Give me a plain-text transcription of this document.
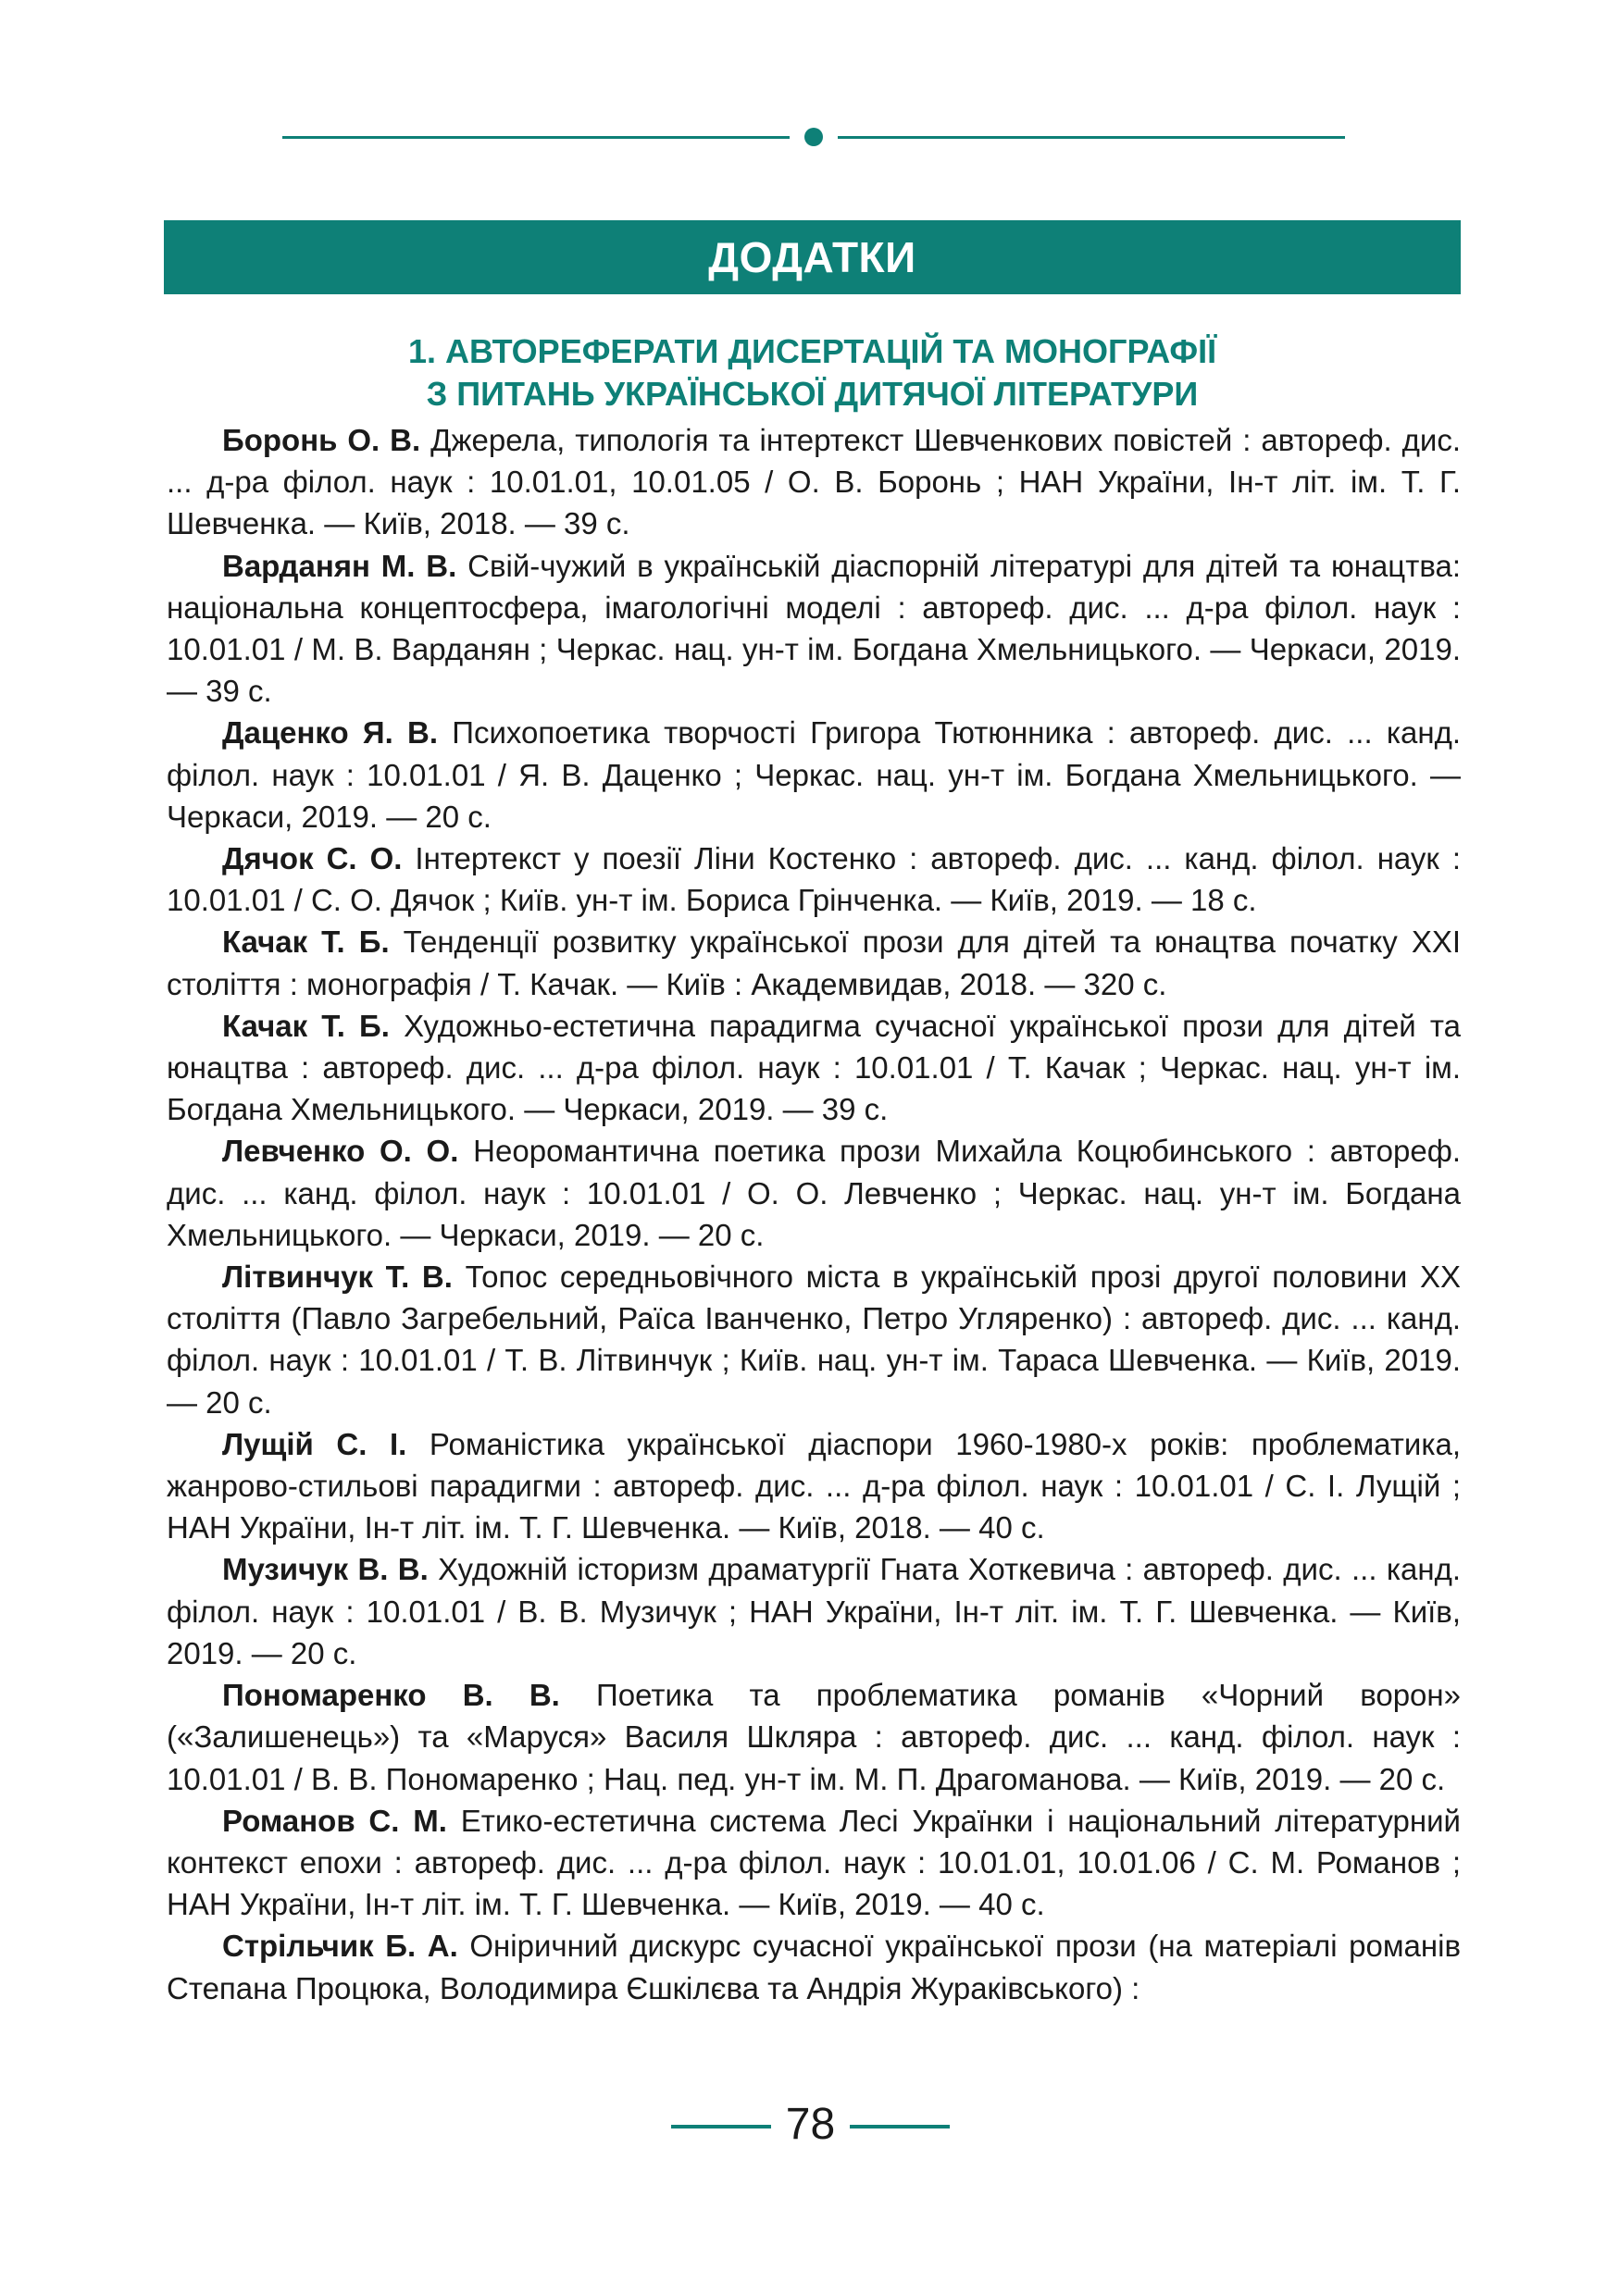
ДОДАТКИ
1. АВТОРЕФЕРАТИ ДИСЕРТАЦІЙ ТА МОНОГРАФІЇ
З ПИТАНЬ УКРАЇНСЬКОЇ ДИТЯЧОЇ ЛІТЕРАТУРИ

Боронь О. В. Джерела, типологія та інтертекст Шевченкових повістей : автореф. дис. ... д-ра філол. наук : 10.01.01, 10.01.05 / О. В. Боронь ; НАН України, Ін-т літ. ім. Т. Г. Шевченка. — Київ, 2018. — 39 с.

Варданян М. В. Свій-чужий в українській діаспорній літературі для дітей та юнацтва: національна концептосфера, імагологічні моделі : автореф. дис. ... д-ра філол. наук : 10.01.01 / М. В. Варданян ; Черкас. нац. ун-т ім. Богдана Хмельницького. — Черкаси, 2019. — 39 с.

Даценко Я. В. Психопоетика творчості Григора Тютюнника : автореф. дис. ... канд. філол. наук : 10.01.01 / Я. В. Даценко ; Черкас. нац. ун-т ім. Богдана Хмельницького. — Черкаси, 2019. — 20 с.

Дячок С. О. Інтертекст у поезії Ліни Костенко : автореф. дис. ... канд. філол. наук : 10.01.01 / С. О. Дячок ; Київ. ун-т ім. Бориса Грінченка. — Київ, 2019. — 18 с.

Качак Т. Б. Тенденції розвитку української прози для дітей та юнацтва початку ХХІ століття : монографія / Т. Качак. — Київ : Академвидав, 2018. — 320 с.

Качак Т. Б. Художньо-естетична парадигма сучасної української прози для дітей та юнацтва : автореф. дис. ... д-ра філол. наук : 10.01.01 / Т. Качак ; Черкас. нац. ун-т ім. Богдана Хмельницького. — Черкаси, 2019. — 39 с.

Левченко О. О. Неоромантична поетика прози Михайла Коцюбинського : автореф. дис. ... канд. філол. наук : 10.01.01 / О. О. Левченко ; Черкас. нац. ун-т ім. Богдана Хмельницького. — Черкаси, 2019. — 20 с.

Літвинчук Т. В. Топос середньовічного міста в українській прозі другої половини ХХ століття (Павло Загребельний, Раїса Іванченко, Петро Угляренко) : автореф. дис. ... канд. філол. наук : 10.01.01 / Т. В. Літвинчук ; Київ. нац. ун-т ім. Тараса Шевченка. — Київ, 2019. — 20 с.

Лущій С. І. Романістика української діаспори 1960-1980-х років: проблематика, жанрово-стильові парадигми : автореф. дис. ... д-ра філол. наук : 10.01.01 / С. І. Лущій ; НАН України, Ін-т літ. ім. Т. Г. Шевченка. — Київ, 2018. — 40 с.

Музичук В. В. Художній історизм драматургії Гната Хоткевича : автореф. дис. ... канд. філол. наук : 10.01.01 / В. В. Музичук ; НАН України, Ін-т літ. ім. Т. Г. Шевченка. — Київ, 2019. — 20 с.

Пономаренко В. В. Поетика та проблематика романів «Чорний ворон» («Залишенець») та «Маруся» Василя Шкляра : автореф. дис. ... канд. філол. наук : 10.01.01 / В. В. Пономаренко ; Нац. пед. ун-т ім. М. П. Драгоманова. — Київ, 2019. — 20 с.

Романов С. М. Етико-естетична система Лесі Українки і національний літературний контекст епохи : автореф. дис. ... д-ра філол. наук : 10.01.01, 10.01.06 / С. М. Романов ; НАН України, Ін-т літ. ім. Т. Г. Шевченка. — Київ, 2019. — 40 с.

Стрільчик Б. А. Оніричний дискурс сучасної української прози (на матеріалі романів Степана Процюка, Володимира Єшкілєва та Андрія Жураківського) :

78
